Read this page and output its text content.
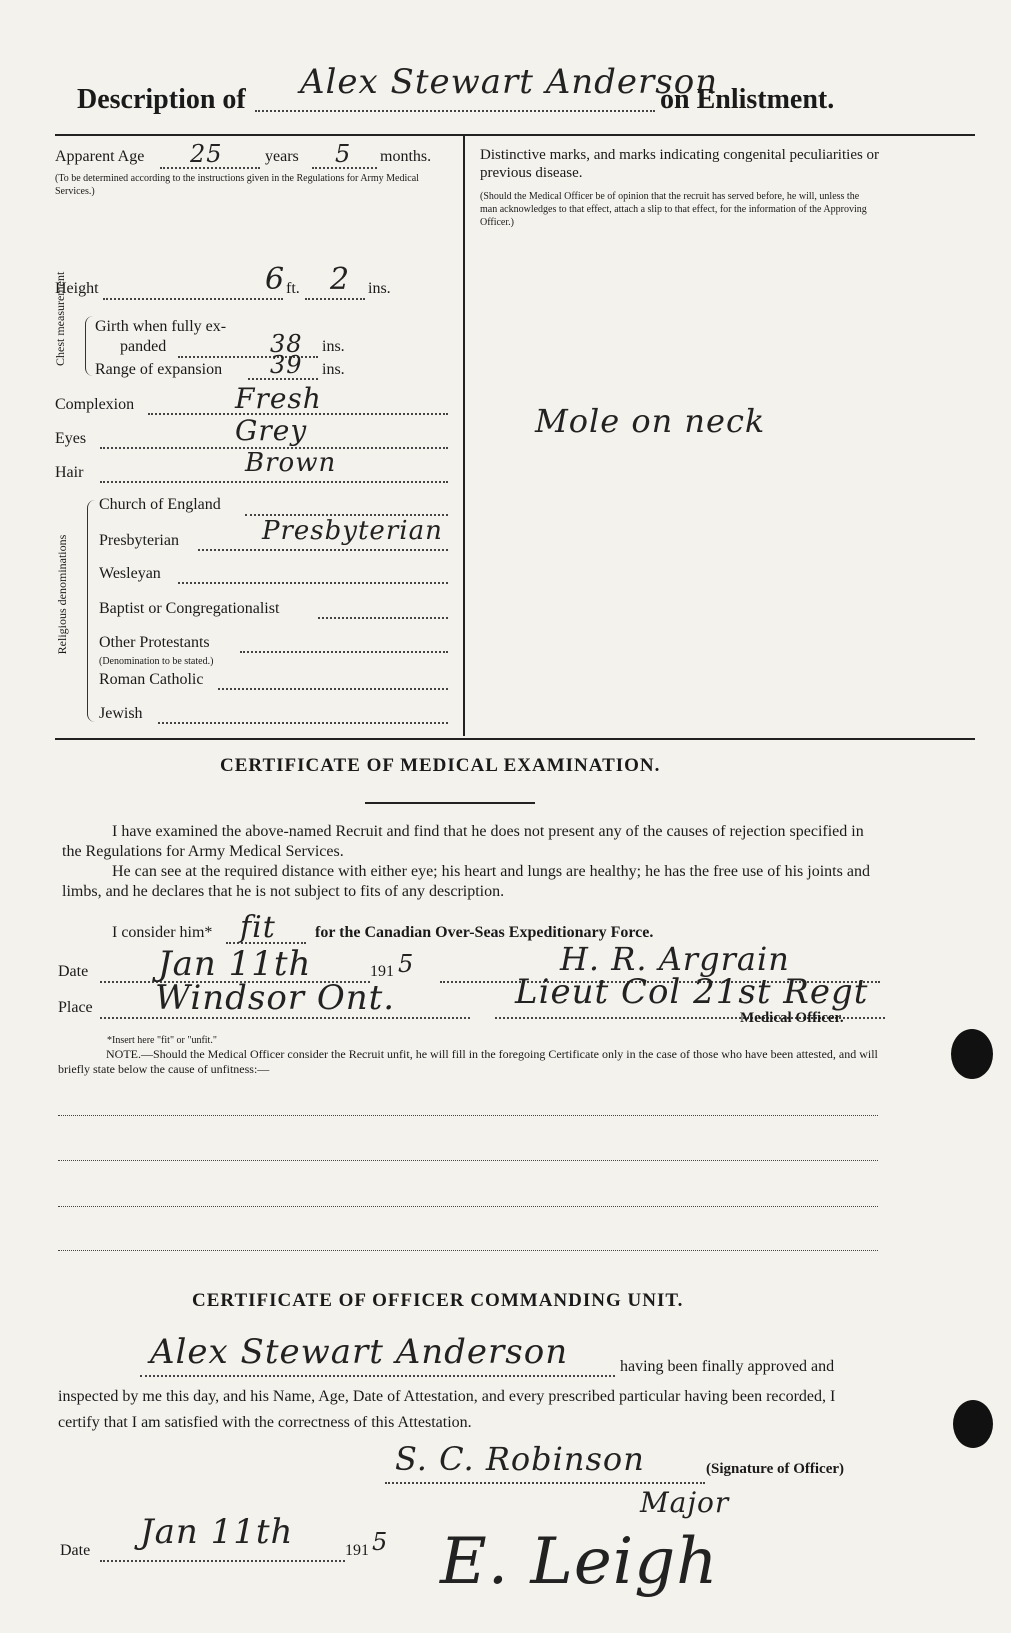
Description of Alex Stewart Anderson
on Enlistment.
Apparent Age 25	years 5 months.
(To be determined according to the instructions given in the Regulations for Army Medical Services.)
Height	6 ft. 2 ins.
Chest measurement Girth when fully ex-
panded	38 ins.
Range of expansion 39 ins.
Complexion	Fresh
Eyes	Grey
Hair	Brown
Religious denominations
Church of England
Presbyterian	Presbyterian
Wesleyan
Baptist or Congregationalist
Other Protestants
(Denomination to be stated.)
Roman Catholic
Jewish
Distinctive marks, and marks indicating congenital peculiarities or previous disease.
(Should the Medical Officer be of opinion that the recruit has served before, he will, unless the man acknowledges to that effect, attach a slip to that effect, for the information of the Approving Officer.)
Mole on neck
CERTIFICATE OF MEDICAL EXAMINATION.
I have examined the above-named Recruit and find that he does not present any of the causes of rejection specified in the Regulations for Army Medical Services.
He can see at the required distance with either eye; his heart and lungs are healthy; he has the free use of his joints and limbs, and he declares that he is not subject to fits of any description.
I consider him* fit for the Canadian Over-Seas Expeditionary Force.
Date Jan 11th	191 5	H. R. Argrain
Place Windsor Ont.	Lieut Col 21st Regt
Medical Officer.
*Insert here "fit" or "unfit."
NOTE.—Should the Medical Officer consider the Recruit unfit, he will fill in the foregoing Certificate only in the case of those who have been attested, and will briefly state below the cause of unfitness:—
CERTIFICATE OF OFFICER COMMANDING UNIT.
Alex Stewart Anderson	having been finally approved and
inspected by me this day, and his Name, Age, Date of Attestation, and every prescribed particular having been recorded, I certify that I am satisfied with the correctness of this Attestation.
S. C. Robinson	(Signature of Officer)
Major
Date Jan 11th	191 5 E. Leigh
